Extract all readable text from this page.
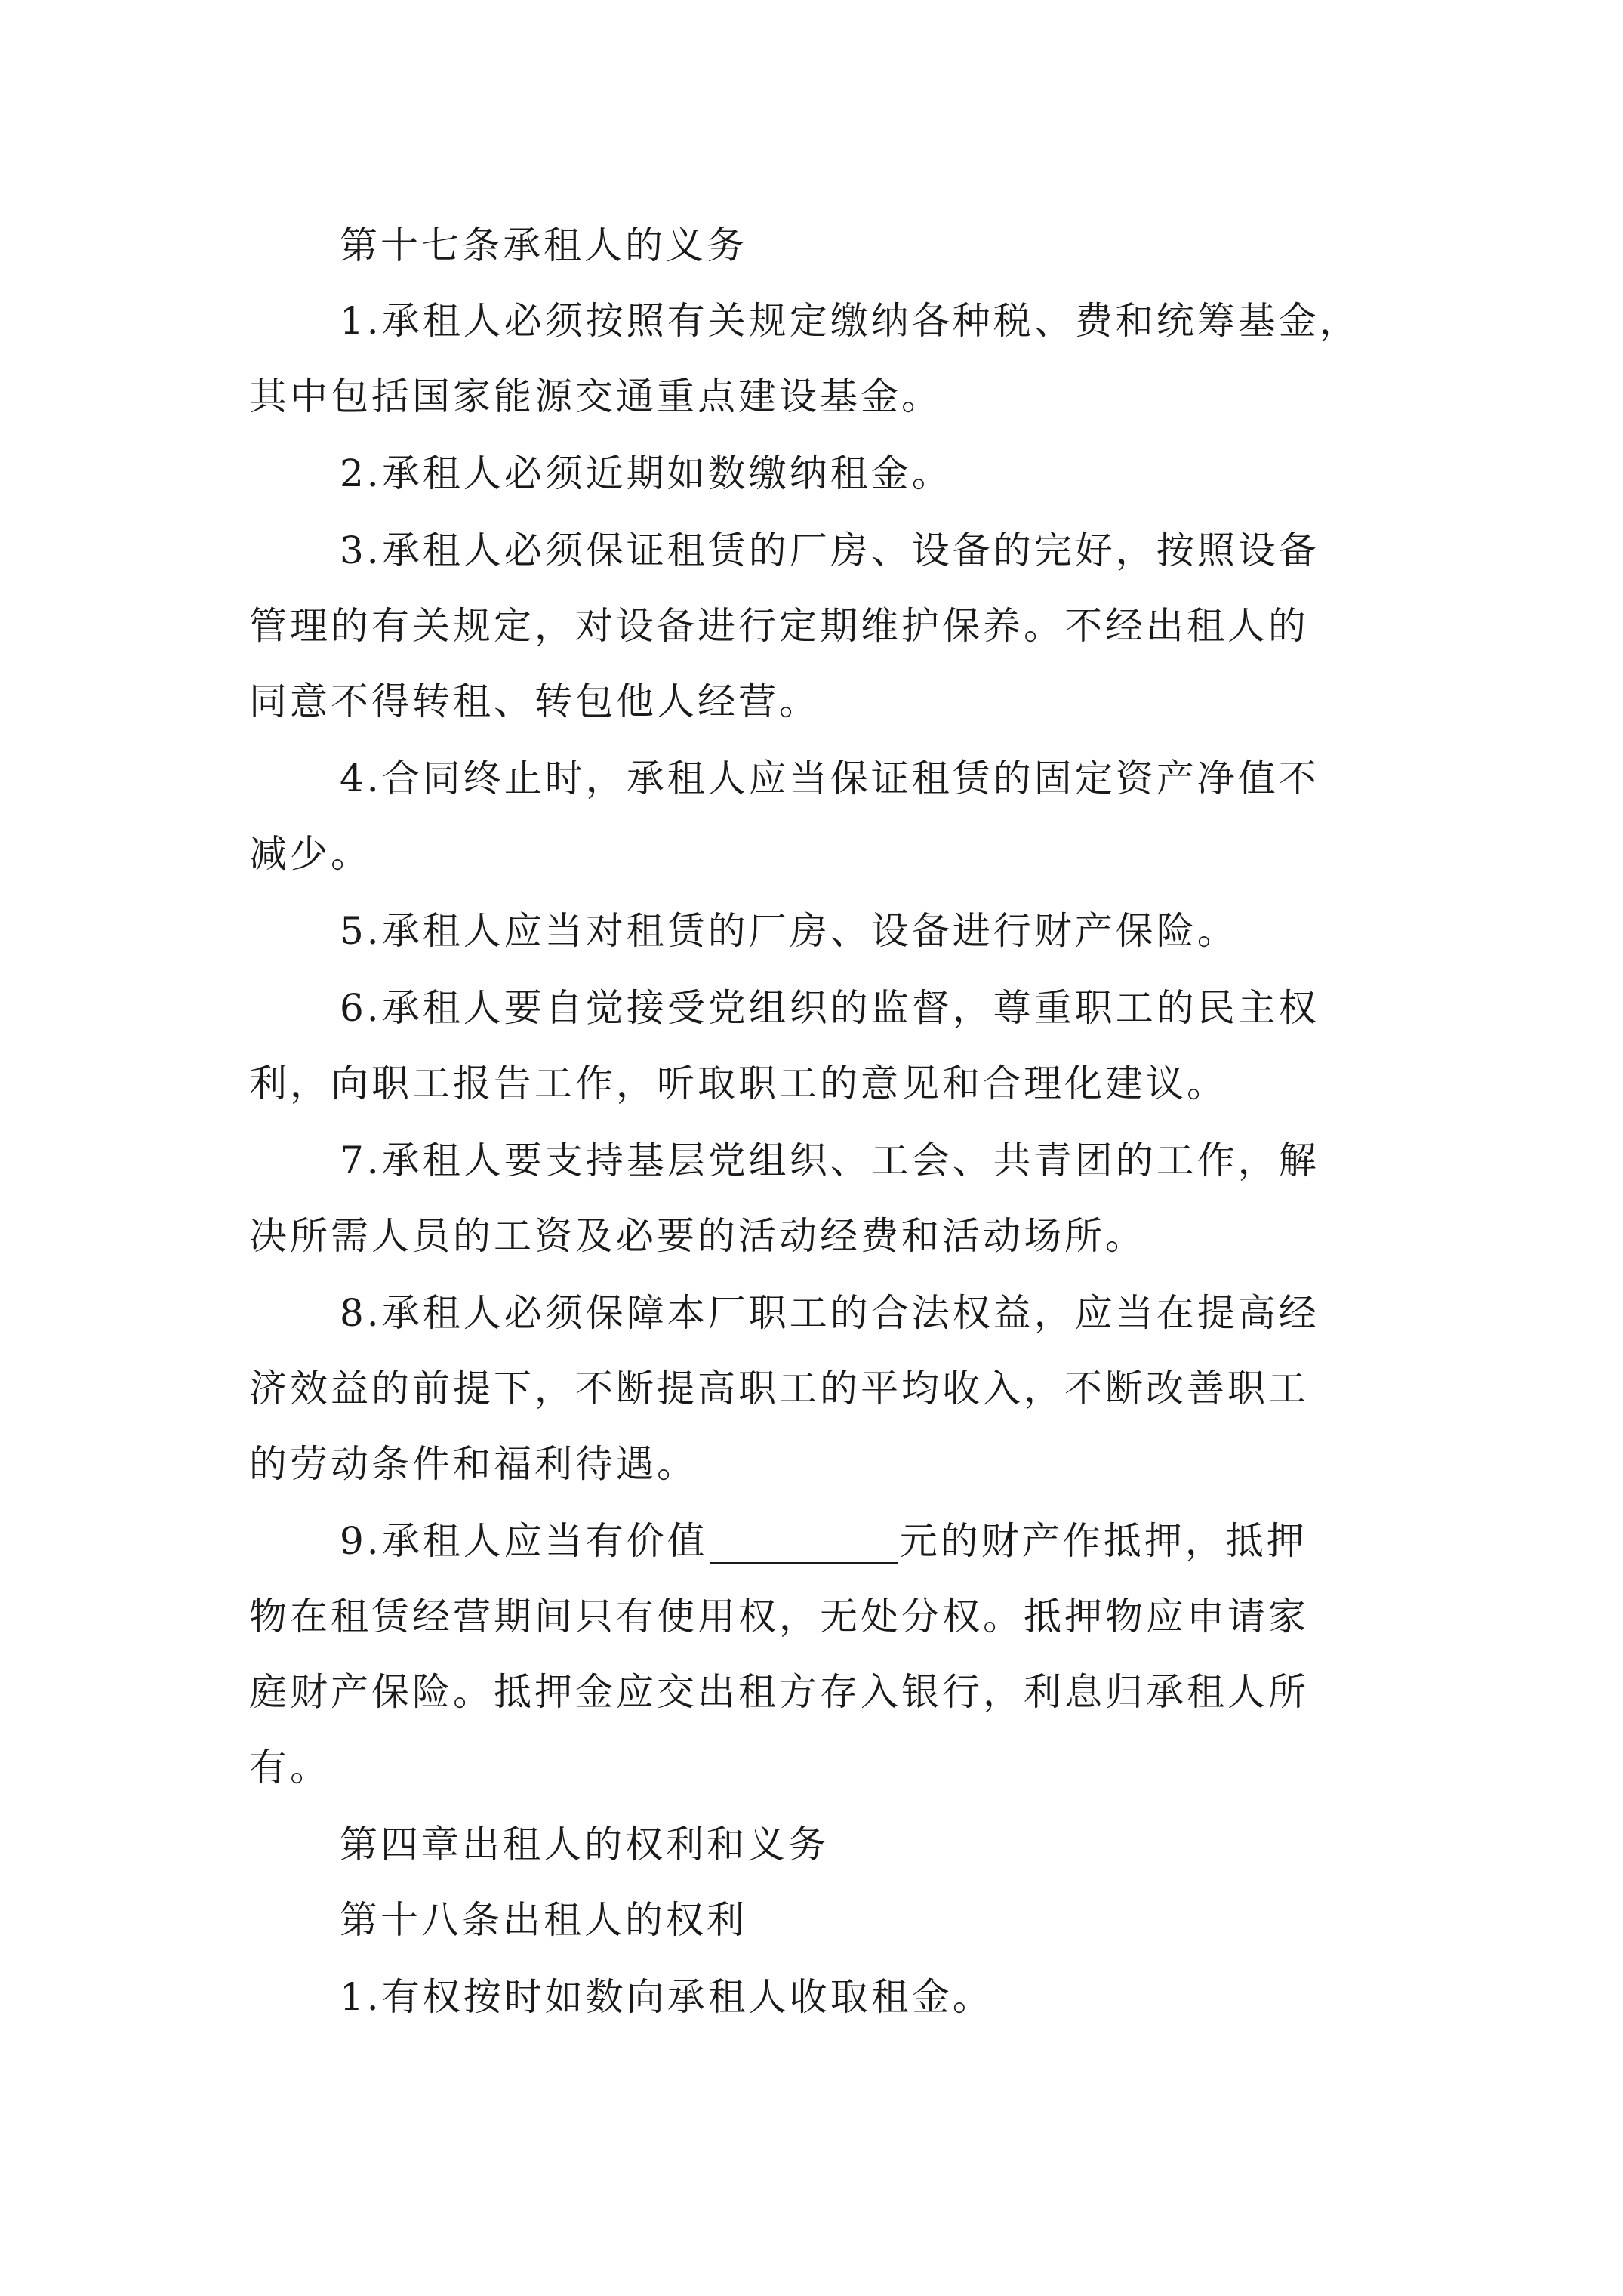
第十七条承租人的义务
1.承租人必须按照有关规定缴纳各种税、费和统筹基金，
其中包括国家能源交通重点建设基金。
2.承租人必须近期如数缴纳租金。
3.承租人必须保证租赁的厂房、设备的完好，按照设备
管理的有关规定，对设备进行定期维护保养。不经出租人的
同意不得转租、转包他人经营。
4.合同终止时，承租人应当保证租赁的固定资产净值不
减少。
5.承租人应当对租赁的厂房、设备进行财产保险。
6.承租人要自觉接受党组织的监督，尊重职工的民主权
利，向职工报告工作，听取职工的意见和合理化建议。
7.承租人要支持基层党组织、工会、共青团的工作，解
决所需人员的工资及必要的活动经费和活动场所。
8.承租人必须保障本厂职工的合法权益，应当在提高经
济效益的前提下，不断提高职工的平均收入，不断改善职工
的劳动条件和福利待遇。
9.承租人应当有价值	元的财产作抵押，抵押
物在租赁经营期间只有使用权，无处分权。抵押物应申请家
庭财产保险。抵押金应交出租方存入银行，利息归承租人所
有。
第四章出租人的权利和义务
第十八条出租人的权利
1.有权按时如数向承租人收取租金。
